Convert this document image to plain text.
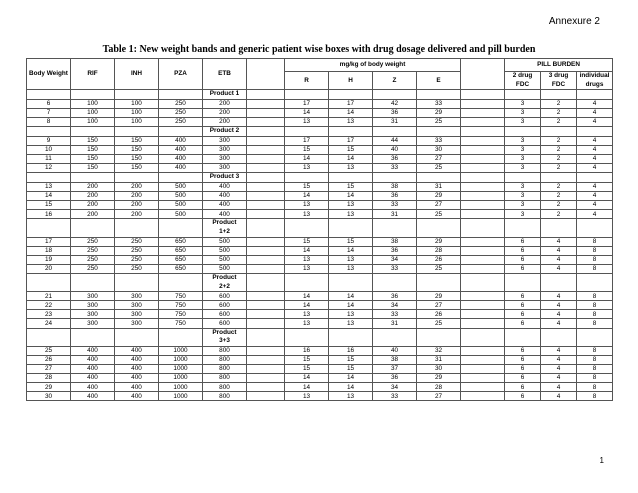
Annexure 2
Table 1: New weight bands and generic patient wise boxes with drug dosage delivered and pill burden
Body Weight	RIF	INH	PZA	ETB		mg/kg of body weight					PILL BURDEN		
						R	H	Z	E		2 drug FDC	3 drug FDC	individual drugs

				Product 1									

6	100	100	250	200		17	17	42	33		3	2	4
7	100	100	250	200		14	14	36	29		3	2	4
8	100	100	250	200		13	13	31	25		3	2	4

				Product 2									

9	150	150	400	300		17	17	44	33		3	2	4
10	150	150	400	300		15	15	40	30		3	2	4
11	150	150	400	300		14	14	36	27		3	2	4
12	150	150	400	300		13	13	33	25		3	2	4

				Product 3									

13	200	200	500	400		15	15	38	31		3	2	4
14	200	200	500	400		14	14	36	29		3	2	4
15	200	200	500	400		13	13	33	27		3	2	4
16	200	200	500	400		13	13	31	25		3	2	4

				Product
1+2									

17	250	250	650	500		15	15	38	29		6	4	8
18	250	250	650	500		14	14	36	28		6	4	8
19	250	250	650	500		13	13	34	26		6	4	8
20	250	250	650	500		13	13	33	25		6	4	8

				Product
2+2									

21	300	300	750	600		14	14	36	29		6	4	8
22	300	300	750	600		14	14	34	27		6	4	8
23	300	300	750	600		13	13	33	26		6	4	8
24	300	300	750	600		13	13	31	25		6	4	8

				Product
3+3									

25	400	400	1000	800		16	16	40	32		6	4	8
26	400	400	1000	800		15	15	38	31		6	4	8
27	400	400	1000	800		15	15	37	30		6	4	8
28	400	400	1000	800		14	14	36	29		6	4	8
29	400	400	1000	800		14	14	34	28		6	4	8
30	400	400	1000	800		13	13	33	27		6	4	8
1
